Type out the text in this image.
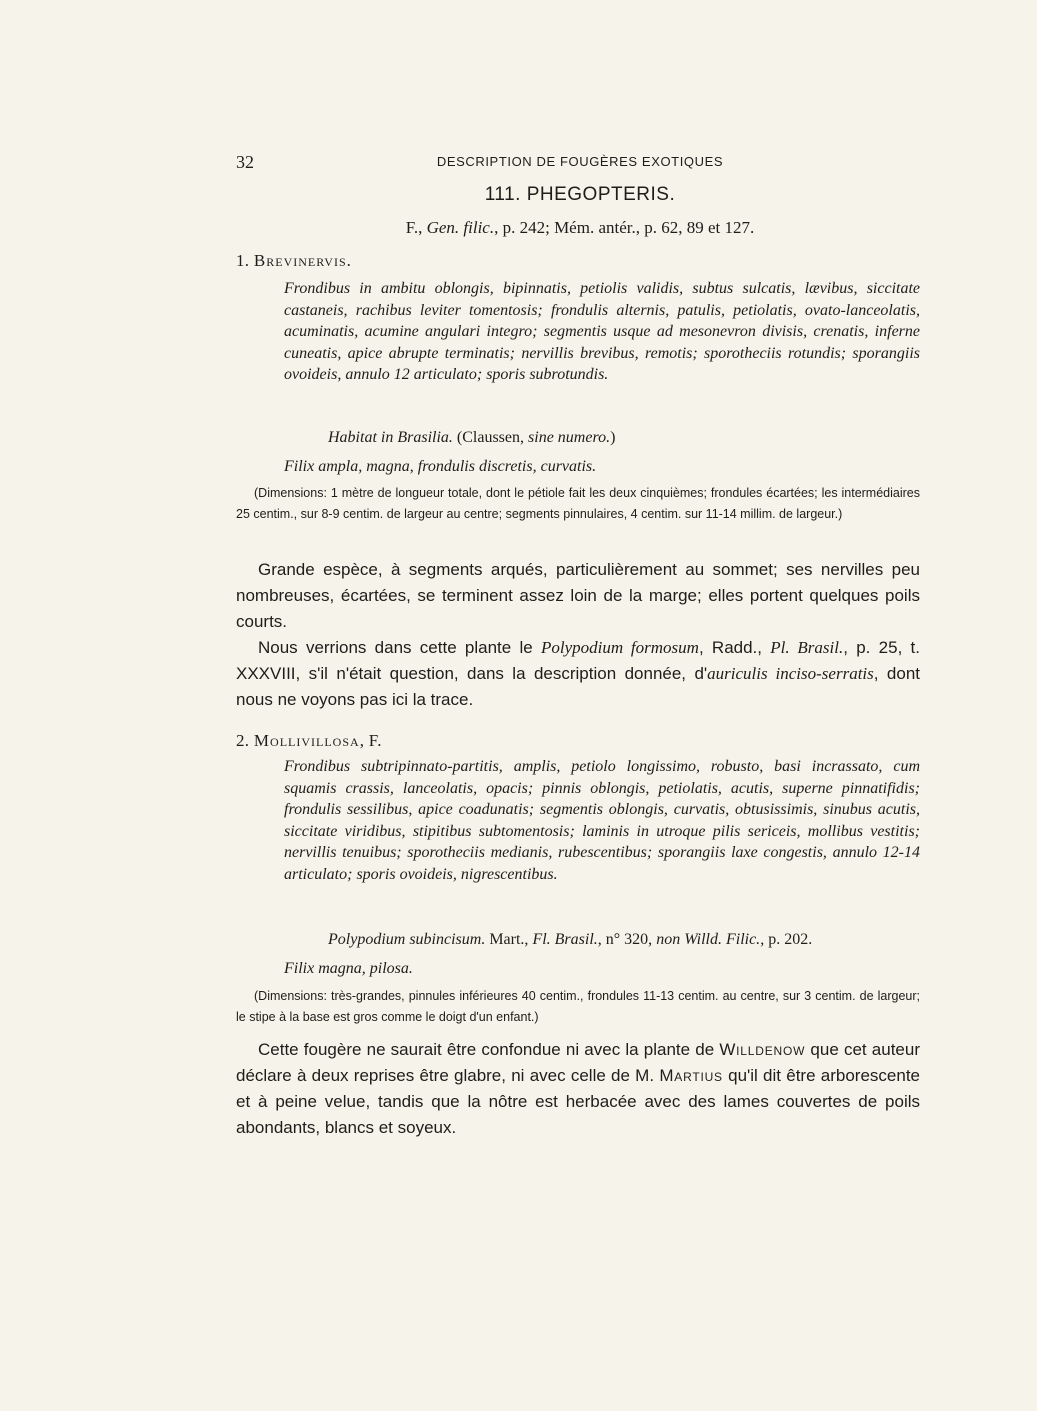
32	DESCRIPTION DE FOUGÈRES EXOTIQUES
111. PHEGOPTERIS.
F., Gen. filic., p. 242; Mém. antér., p. 62, 89 et 127.
1. Brevinervis.

Frondibus in ambitu oblongis, bipinnatis, petiolis validis, subtus sulcatis, lævibus, siccitate castaneis, rachibus leviter tomentosis; frondulis alternis, patulis, petiolatis, ovato-lanceolatis, acuminatis, acumine angulari integro; segmentis usque ad mesonevron divisis, crenatis, inferne cuneatis, apice abrupte terminatis; nervillis brevibus, remotis; sporotheciis rotundis; sporangiis ovoideis, annulo 12 articulato; sporis subrotundis.

Habitat in Brasilia. (Claussen, sine numero.)

Filix ampla, magna, frondulis discretis, curvatis.

(Dimensions: 1 mètre de longueur totale, dont le pétiole fait les deux cinquièmes; frondules écartées; les intermédiaires 25 centim., sur 8-9 centim. de largeur au centre; segments pinnulaires, 4 centim. sur 11-14 millim. de largeur.)

Grande espèce, à segments arqués, particulièrement au sommet; ses nervilles peu nombreuses, écartées, se terminent assez loin de la marge; elles portent quelques poils courts.

Nous verrions dans cette plante le Polypodium formosum, Radd., Pl. Brasil., p. 25, t. XXXVIII, s'il n'était question, dans la description donnée, d'auriculis inciso-serratis, dont nous ne voyons pas ici la trace.

2. Mollivillosa, F.

Frondibus subtripinnato-partitis, amplis, petiolo longissimo, robusto, basi incrassato, cum squamis crassis, lanceolatis, opacis; pinnis oblongis, petiolatis, acutis, superne pinnatifidis; frondulis sessilibus, apice coadunatis; segmentis oblongis, curvatis, obtusissimis, sinubus acutis, siccitate viridibus, stipitibus subtomentosis; laminis in utroque pilis sericeis, mollibus vestitis; nervillis tenuibus; sporotheciis medianis, rubescentibus; sporangiis laxe congestis, annulo 12-14 articulato; sporis ovoideis, nigrescentibus.

Polypodium subincisum. Mart., Fl. Brasil., n° 320, non Willd. Filic., p. 202.

Filix magna, pilosa.

(Dimensions: très-grandes, pinnules inférieures 40 centim., frondules 11-13 centim. au centre, sur 3 centim. de largeur; le stipe à la base est gros comme le doigt d'un enfant.)

Cette fougère ne saurait être confondue ni avec la plante de Willdenow que cet auteur déclare à deux reprises être glabre, ni avec celle de M. Martius qu'il dit être arborescente et à peine velue, tandis que la nôtre est herbacée avec des lames couvertes de poils abondants, blancs et soyeux.
